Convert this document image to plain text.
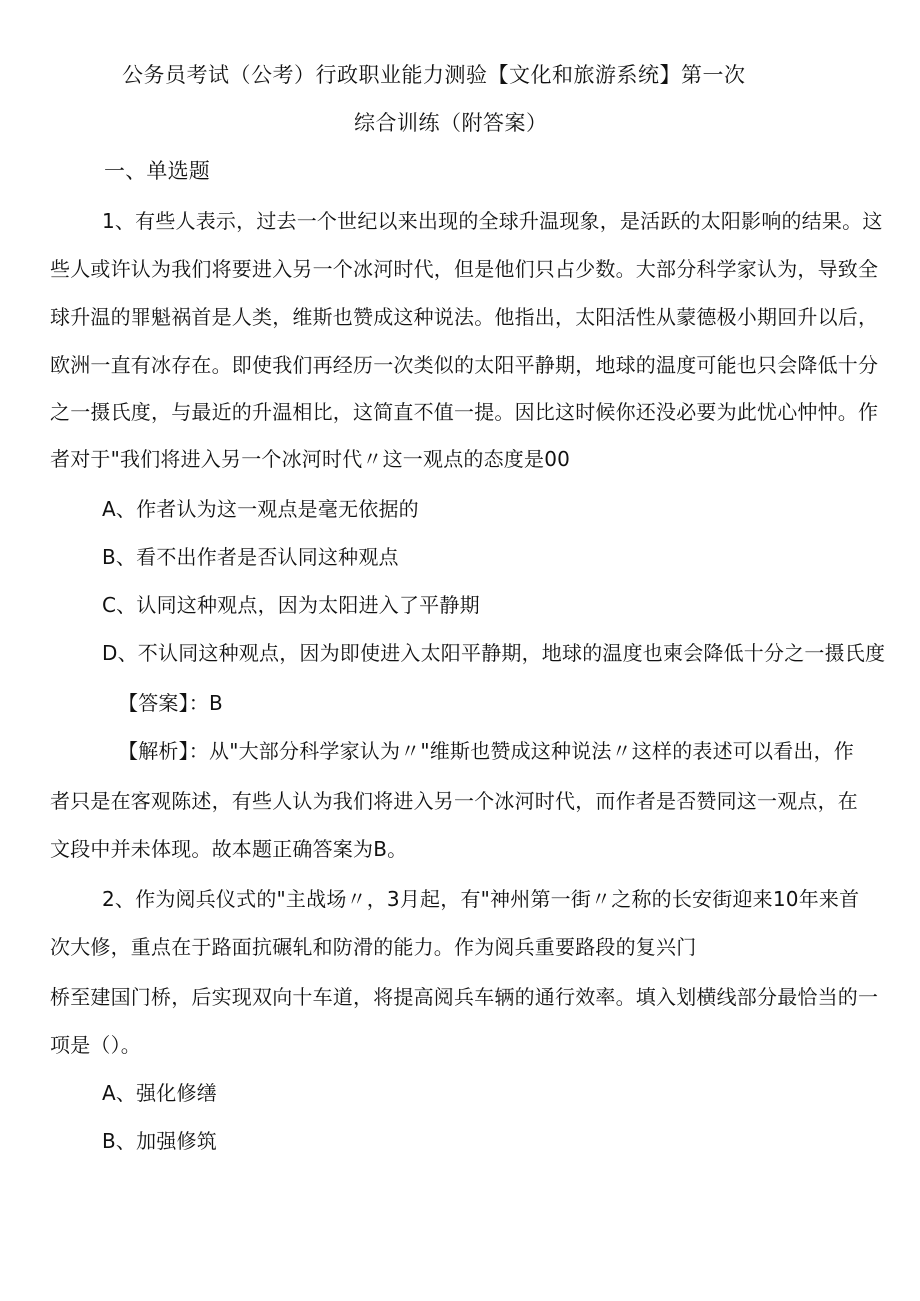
公务员考试（公考）行政职业能力测验【文化和旅游系统】第一次
综合训练（附答案）
一、单选题
1、有些人表示，过去一个世纪以来出现的全球升温现象，是活跃的太阳影响的结果。这
些人或许认为我们将要进入另一个冰河时代，但是他们只占少数。大部分科学家认为，导致全
球升温的罪魁祸首是人类，维斯也赞成这种说法。他指出，太阳活性从蒙德极小期回升以后，
欧洲一直有冰存在。即使我们再经历一次类似的太阳平静期，地球的温度可能也只会降低十分
之一摄氏度，与最近的升温相比，这简直不值一提。因比这时候你还没必要为此忧心忡忡。作
者对于"我们将进入另一个冰河时代〃这一观点的态度是00
A、作者认为这一观点是毫无依据的
B、看不出作者是否认同这种观点
C、认同这种观点，因为太阳进入了平静期
D、不认同这种观点，因为即使进入太阳平静期，地球的温度也柬会降低十分之一摄氏度
【答案】：B
【解析】：从"大部分科学家认为〃"维斯也赞成这种说法〃这样的表述可以看出，作
者只是在客观陈述，有些人认为我们将进入另一个冰河时代，而作者是否赞同这一观点，在
文段中并未体现。故本题正确答案为B。
2、作为阅兵仪式的"主战场〃，3月起，有"神州第一街〃之称的长安街迎来10年来首
次大修，重点在于路面抗碾轧和防滑的能力。作为阅兵重要路段的复兴门
桥至建国门桥，后实现双向十车道，将提高阅兵车辆的通行效率。填入划横线部分最恰当的一
项是（）。
A、强化修缮
B、加强修筑
